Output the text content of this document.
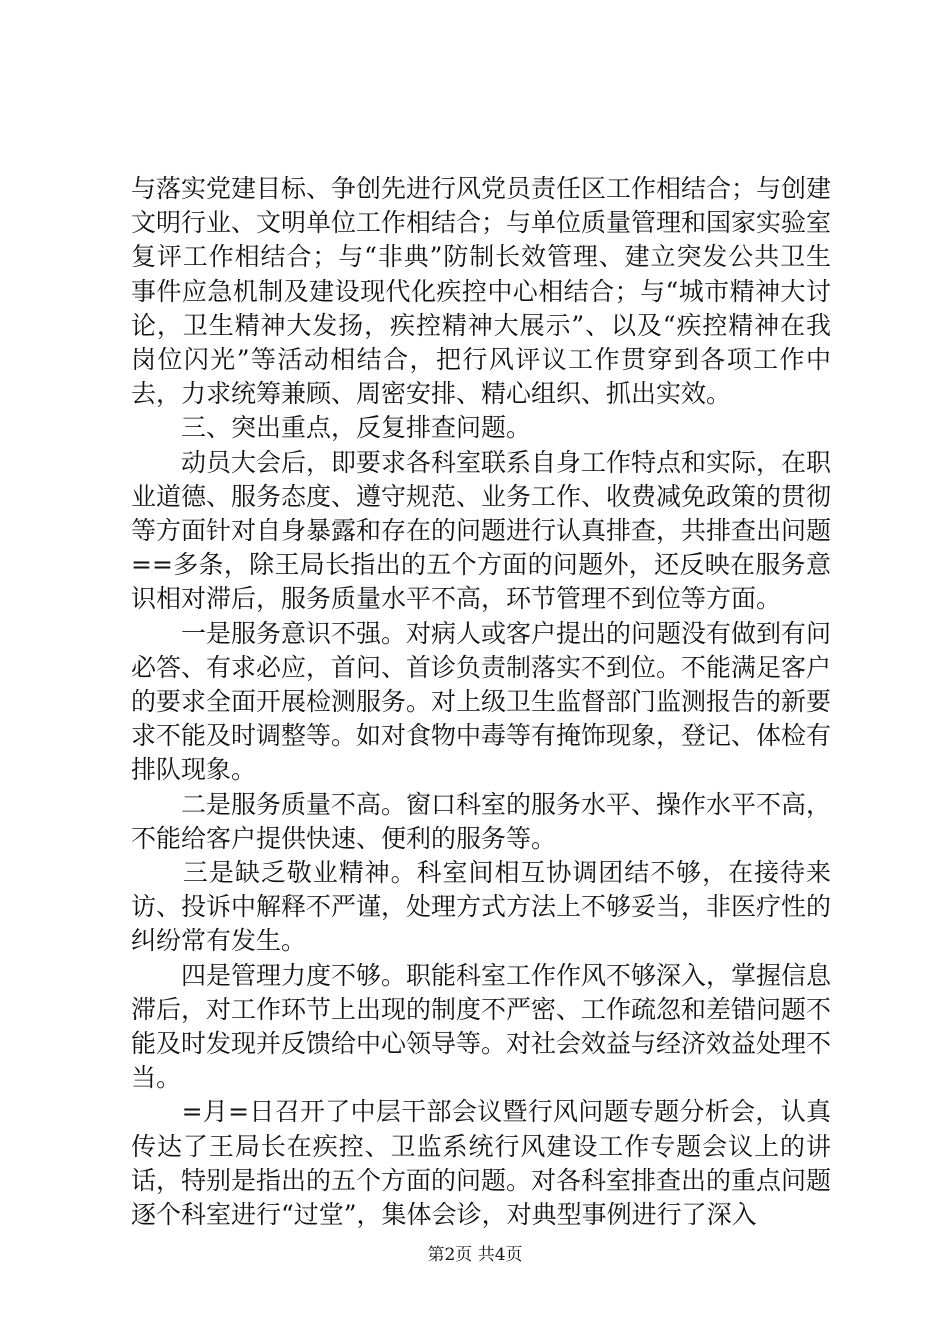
与落实党建目标、争创先进行风党员责任区工作相结合；与创建文明行业、文明单位工作相结合；与单位质量管理和国家实验室复评工作相结合；与“非典”防制长效管理、建立突发公共卫生事件应急机制及建设现代化疾控中心相结合；与“城市精神大讨论，卫生精神大发扬，疾控精神大展示”、以及“疾控精神在我岗位闪光”等活动相结合，把行风评议工作贯穿到各项工作中去，力求统筹兼顾、周密安排、精心组织、抓出实效。

　　三、突出重点，反复排查问题。

　　动员大会后，即要求各科室联系自身工作特点和实际，在职业道德、服务态度、遵守规范、业务工作、收费减免政策的贯彻等方面针对自身暴露和存在的问题进行认真排查，共排查出问题==多条，除王局长指出的五个方面的问题外，还反映在服务意识相对滞后，服务质量水平不高，环节管理不到位等方面。

　　一是服务意识不强。对病人或客户提出的问题没有做到有问必答、有求必应，首问、首诊负责制落实不到位。不能满足客户的要求全面开展检测服务。对上级卫生监督部门监测报告的新要求不能及时调整等。如对食物中毒等有掩饰现象，登记、体检有排队现象。

　　二是服务质量不高。窗口科室的服务水平、操作水平不高，不能给客户提供快速、便利的服务等。

　　三是缺乏敬业精神。科室间相互协调团结不够，在接待来访、投诉中解释不严谨，处理方式方法上不够妥当，非医疗性的纠纷常有发生。

　　四是管理力度不够。职能科室工作作风不够深入，掌握信息滞后，对工作环节上出现的制度不严密、工作疏忽和差错问题不能及时发现并反馈给中心领导等。对社会效益与经济效益处理不当。

　　=月=日召开了中层干部会议暨行风问题专题分析会，认真传达了王局长在疾控、卫监系统行风建设工作专题会议上的讲话，特别是指出的五个方面的问题。对各科室排查出的重点问题逐个科室进行“过堂”，集体会诊，对典型事例进行了深入

第2页 共4页
